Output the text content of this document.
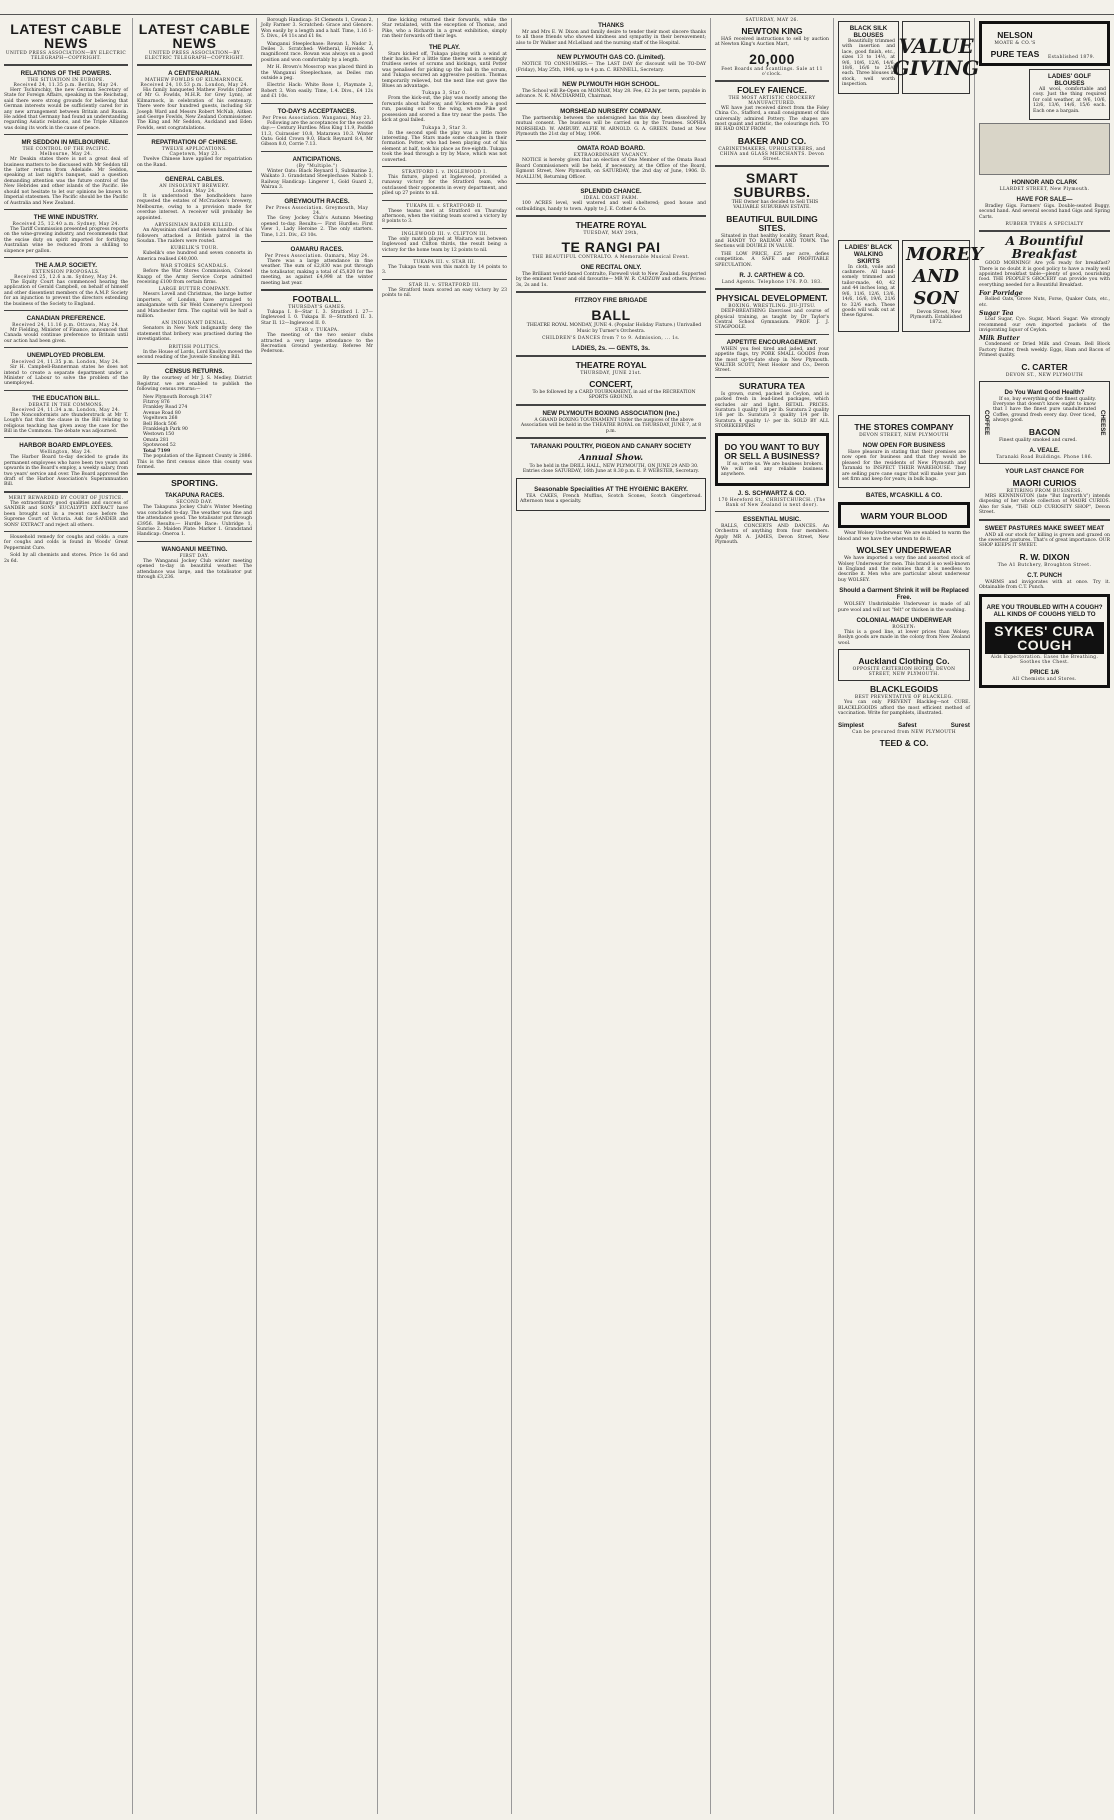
LATEST CABLE NEWS
UNITED PRESS ASSOCIATION—BY ELECTRIC TELEGRAPH—COPYRIGHT.
RELATIONS OF THE POWERS.
THE SITUATION IN EUROPE.
Received 24, 11.35 p.m. Berlin, May 24.

Herr Tschirschky, the new German Secretary of State for Foreign Affairs, speaking in the Reichstag, said there were strong grounds for believing that German interests would be sufficiently cared for in any new arrangement between Britain and Russia. He added that Germany had found an understanding regarding Asiatic relations, and the Triple Alliance was doing its work in the cause of peace.

MR SEDDON IN MELBOURNE.
THE CONTROL OF THE PACIFIC.
Melbourne, May 24.

Mr Deakin states there is not a great deal of business matters to be discussed with Mr Seddon till the latter returns from Adelaide. Mr Seddon, speaking at last night's banquet, said a question demanding attention was the future control of the New Hebrides and other islands of the Pacific. He should not hesitate to let our opinions be known to Imperial statesmen. The Pacific should be the Pacific of Australia and New Zealand.

THE WINE INDUSTRY.
Received 25, 12.40 a.m. Sydney, May 24.

The Tariff Commission presented progress reports on the wine-growing industry, and recommends that the excise duty on spirit imported for fortifying Australian wine be reduced from a shilling to sixpence per gallon.

THE A.M.P. SOCIETY.
EXTENSION PROPOSALS.
Received 25, 12.6 a.m. Sydney, May 24.

The Equity Court has commenced hearing the application of Gerald Campbell, on behalf of himself and other dissentient members of the A.M.P. Society for an injunction to prevent the directors extending the business of the Society to England.

CANADIAN PREFERENCE.
Received 24, 11.16 p.m. Ottawa, May 24.

Mr Fielding, Minister of Finance, announced that Canada would continue preference to Britain until our action had been given.

UNEMPLOYED PROBLEM.
Received 24, 11.35 p.m. London, May 24.

Sir H. Campbell-Bannerman states he does not intend to create a separate department under a Minister of Labour to solve the problem of the unemployed.

THE EDUCATION BILL.
DEBATE IN THE COMMONS.
Received 24, 11.34 a.m. London, May 24.

The Nonconformists are thunderstruck at Mr T. Lough's fiat that the clause in the Bill relating to religious teaching has given away the case for the Bill in the Commons. The debate was adjourned.

HARBOR BOARD EMPLOYEES.
Wellington, May 24.

The Harbor Board to-day decided to grade its permanent employees who have been two years and upwards in the Board's employ, a weekly salary, from two years' service and over. The Board approved the draft of the Harbor Association's Superannuation Bill.

MERIT REWARDED BY COURT OF JUSTICE.

The extraordinary good qualities and success of SANDER and SONS' EUCALYPTI EXTRACT have been brought out in a recent case before the Supreme Court of Victoria. Ask for SANDER and SONS' EXTRACT and reject all others.

Household remedy for coughs and colds: a cure for coughs and colds is found in Woods' Great Peppermint Cure.

Sold by all chemists and stores. Price 1s 6d and 2s 6d.

LATEST CABLE NEWS
UNITED PRESS ASSOCIATION—BY ELECTRIC TELEGRAPH—COPYRIGHT.
A CENTENARIAN.
MATHEW FOWLDS OF KILMARNOCK.
Received 24, 10.53 p.m. London, May 24.

His family banqueted Mathew Fowlds (father of Mr G. Fowlds, M.H.R. for Grey Lynn), at Kilmarnock, in celebration of his centenary. There were four hundred guests, including Sir Joseph Ward and Messrs Robert McNab, Aitken and George Fowlds, New Zealand Commissioner. The King and Mr Seddon, Auckland and Eden Fowlds, sent congratulations.

REPATRIATION OF CHINESE.
TWELVE APPLICATIONS.
Capetown, May 23.

Twelve Chinese have applied for repatriation on the Rand.

GENERAL CABLES.
AN INSOLVENT BREWERY.
London, May 24.

It is understood the bondholders have requested the estates of McCracken's brewery, Melbourne, owing to a provision made for overdue interest. A receiver will probably be appointed.

ABYSSINIAN RAIDER KILLED.

An Abyssinian chief and eleven hundred of his followers attacked a British patrol in the Soudan. The raiders were routed.

KUBELIK'S TOUR.

Kubelik's one hundred and seven concerts in America realised £40,000.

WAR STORES SCANDALS.

Before the War Stores Commission, Colonel Knapp of the Army Service Corps admitted receiving £100 from certain firms.

LARGE BUTTER COMPANY.

Messrs Lovell and Christmas, the large butter importers, of London, have arranged to amalgamate with Sir Weld Comerey's Liverpool and Manchester firm. The capital will be half a million.

AN INDIGNANT DENIAL.

Senators in New York indignantly deny the statement that bribery was practised during the investigations.

BRITISH POLITICS.

In the House of Lords, Lord Knollys moved the second reading of the Juvenile Smoking Bill.

CENSUS RETURNS.

By the courtesy of Mr J. S. Medley, District Registrar, we are enabled to publish the following census returns:—

New Plymouth Borough 3147
Fitzroy 876
Frankley Road 274
Avenue Road 80
Vogeltown 268
Bell Block 506
Frankleigh Park 90
Westown 150
Omata 281
Spotswood 52
Total 7199

The population of the Egmont County is 2886. This is the first census since this county was formed.

SPORTING.
TAKAPUNA RACES.
SECOND DAY.

The Takapuna Jockey Club's Winter Meeting was concluded to-day. The weather was fine and the attendance good. The totalisator put through £3956. Results:— Hurdle Race: Uxbridge 1, Sunrise 2. Maiden Plate: Marker 1. Grandstand Handicap: Oneroa 1.

WANGANUI MEETING.
FIRST DAY.

The Wanganui Jockey Club winter meeting opened to-day in beautiful weather. The attendance was large, and the totalisator put through £3,236.

Borough Handicap: St Clements 1, Cowan 2, Jolly Farmer 3. Scratched: Grace and Glenore. Won easily by a length and a half. Time, 1.16 1-5. Divs., £4 11s and £1 8s.

Wanganui Steeplechase: Rowan 1, Nador 2, Deiles 3. Scratched: Wetheral, Havelok. A magnificent race. Rowan was always on a good position and won comfortably by a length.

Mr H. Brown's Mosscrop was placed third in the Wanganui Steeplechase, as Deiles ran outside a peg.

Electric Hack: White Rose 1, Playmate 2, Robert 3. Won easily. Time, 1.4. Divs., £4 12s and £1 10s.

TO-DAY'S ACCEPTANCES.
Per Press Association. Wanganui, May 23.

Following are the acceptances for the second day:— Century Hurdles: Miss King 11.9, Paddle 11.3, Cuirassier 10.8, Matarawa 10.3. Winter Oats: Gold Crown 9.0, Black Reynard 8.4, Mr Gibson 8.0, Corrie 7.13.

ANTICIPATIONS.
(By "Multiple.")

Winter Oats: Black Reynard 1, Submarine 2, Waikato 3. Grandstand Steeplechase: Nabob 1. Railway Handicap: Lingerer 1, Gold Guard 2, Wairau 3.

GREYMOUTH RACES.
Per Press Association. Greymouth, May 24.

The Grey Jockey Club's Autumn Meeting opened to-day. Results:— First Hurdles: First View 1, Lady Heroine 2. The only starters. Time, 1.21. Div., £3 10s.

OAMARU RACES.
Per Press Association. Oamaru, May 24.

There was a large attendance in fine weather. The sum of £2,830 was put through the totalisator, making a total of £5,820 for the meeting, as against £4,998 at the winter meeting last year.

FOOTBALL.
THURSDAY'S GAMES.

Tukapa I. 8—Star I. 3. Stratford I. 27—Inglewood I. 0. Tukapa II. 8—Stratford II. 3. Star II. 12—Inglewood II. 0.

STAR v. TUKAPA.

The meeting of the two senior clubs attracted a very large attendance to the Recreation Ground yesterday. Referee Mr Pederson.

fine kicking returned their forwards, while the Star retaliated, with the exception of Thomas, and Pike, who a Richards in a great exhibition, simply ran their forwards off their legs.

THE PLAY.

Stars kicked off, Tukapa playing with a wind at their backs. For a little time there was a seemingly fruitless series of scrums and kickings, until Potter was penalised for picking up the ball in the scrum, and Tukapa secured an aggressive position. Thomas temporarily relieved, but the next line out gave the Blues an advantage.

Tukapa 3, Star 0.

From the kick-out, the play was mostly among the forwards about half-way, and Vickers made a good run, passing out to the wing, where Pike got possession and scored a fine try near the posts. The kick at goal failed.

Tukapa 3, Star 3.

In the second spell the play was a little more interesting. The Stars made some changes in their formation. Potter, who had been playing out of his element at half, took his place as five-eighth. Tukapa took the lead through a try by Mace, which was not converted.

STRATFORD I. v. INGLEWOOD I.

This fixture, played at Inglewood, provided a runaway victory for the Stratford team, who outclassed their opponents in every department, and piled up 27 points to nil.

TUKAPA II. v. STRATFORD II.

These teams met at Stratford on Thursday afternoon, when the visiting team scored a victory by 8 points to 3.

INGLEWOOD III. v. CLIFTON III.

The only match played at Waitara was between Inglewood and Clifton thirds, the result being a victory for the home team by 12 points to nil.

TUKAPA III. v. STAR III.

The Tukapa team won this match by 14 points to 3.

STAR II. v. STRATFORD III.

The Stratford team scored an easy victory by 23 points to nil.

THANKS

Mr and Mrs E. W. Dixon and family desire to tender their most sincere thanks to all those friends who showed kindness and sympathy in their bereavement; also to Dr Walker and McLelland and the nursing staff of the Hospital.

NEW PLYMOUTH GAS CO. (Limited).

NOTICE TO CONSUMERS.— The LAST DAY for discount will be TO-DAY (Friday), May 25th, 1906, up to 4 p.m. C. RENNELL, Secretary.

NEW PLYMOUTH HIGH SCHOOL.

The School will Re-Open on MONDAY, May 28. Fee, £2 2s per term, payable in advance. N. K. MACDIARMID, Chairman.

MORSHEAD NURSERY COMPANY.

The partnership between the undersigned has this day been dissolved by mutual consent. The business will be carried on by the Trustees. SOPHIA MORSHEAD. W. AMBURY. ALFIE W. ARNOLD. G. A. GREEN. Dated at New Plymouth the 21st day of May, 1906.

OMATA ROAD BOARD.
EXTRAORDINARY VACANCY.

NOTICE is hereby given that an election of One Member of the Omata Road Board Commissioners will be held, if necessary, at the Office of the Board, Egmont Street, New Plymouth, on SATURDAY, the 2nd day of June, 1906. D. McALLUM, Returning Officer.

SPLENDID CHANCE.
IDEAL COAST FARM.

100 ACRES level, well watered and well sheltered; good house and outbuildings, handy to town. Apply to J. E. Cother & Co.

THEATRE ROYAL
TUESDAY, MAY 29th,
TE RANGI PAI
THE BEAUTIFUL CONTRALTO. A Memorable Musical Event.
ONE RECITAL ONLY.

The Brilliant world-famed Contralto, Farewell visit to New Zealand. Supported by the eminent Tenor and old favourite— MR W. R. CADZOW and others. Prices: 3s, 2s and 1s.

FITZROY FIRE BRIGADE
BALL

THEATRE ROYAL MONDAY, JUNE 4. (Popular Holiday Fixture.) Unrivalled Music by Turner's Orchestra.

CHILDREN'S DANCES from 7 to 9. Admission, ... 1s.
LADIES, 2s. — GENTS, 3s.
THEATRE ROYAL
THURSDAY, JUNE 21st.
CONCERT,

To be followed by a CARD TOURNAMENT, in aid of the RECREATION SPORTS GROUND.

NEW PLYMOUTH BOXING ASSOCIATION (Inc.)

A GRAND BOXING TOURNAMENT Under the auspices of the above Association will be held in the THEATRE ROYAL on THURSDAY, JUNE 7, at 8 p.m.

TARANAKI POULTRY, PIGEON AND CANARY SOCIETY
Annual Show.

To be held in the DRILL HALL, NEW PLYMOUTH, ON JUNE 29 AND 30. Entries close SATURDAY, 16th June at 8.30 p.m. E. P. WEBSTER, Secretary.

Seasonable Specialities AT THE HYGIENIC BAKERY.

TEA CAKES, French Muffins, Scotch Scones, Scotch Gingerbread. Afternoon teas a specialty.

SATURDAY, MAY 26.
NEWTON KING

HAS received instructions to sell by auction at Newton King's Auction Mart,

20,000
Feet Boards and Scantlings. Sale at 11 o'clock.
FOLEY FAIENCE.
THE MOST ARTISTIC CROCKERY MANUFACTURED.

WE have just received direct from the Foley China Co., Stafford, a small consignment of this universally admired Pottery. The shapes are most quaint and artistic, the colourings rich. TO BE HAD ONLY FROM

BAKER AND CO.
CABINETMAKERS, UPHOLSTERERS, and CHINA and GLASS MERCHANTS. Devon Street.
SMART SUBURBS.

THE Owner has decided to Sell THIS VALUABLE SUBURBAN ESTATE.

BEAUTIFUL BUILDING SITES.

Situated in that healthy locality, Smart Road, and HANDY TO RAILWAY AND TOWN. The Sections will DOUBLE IN VALUE.

THE LOW PRICE, £25 per acre, defies competition. A SAFE and PROFITABLE SPECULATION.

R. J. CARTHEW & CO.
Land Agents. Telephone 176. P.O. 183.
PHYSICAL DEVELOPMENT.
BOXING. WRESTLING. JIU-JITSU.

DEEP-BREATHING Exercises and course of physical training, as taught by Dr Taylor's Central School Gymnasium. PROF. J. J. STAGPOOLE.

APPETITE ENCOURAGEMENT.

WHEN you feel tired and jaded, and your appetite flags, try PORK SMALL GOODS from the most up-to-date shop in New Plymouth. WALTER SCOTT, Next Hooker and Co., Devon Street.

SURATURA TEA

Is grown, cured, packed in Ceylon, and is packed fresh in lead-lined packages, which excludes air and light. RETAIL PRICES. Suratura 1 quality 1/8 per lb. Suratura 2 quality 1/6 per lb. Suratura 3 quality 1/4 per lb. Suratura 4 quality 1/- per lb. SOLD BY ALL STOREKEEPERS

DO YOU WANT TO BUY OR SELL A BUSINESS?

If so, write us. We are business brokers. We will sell any reliable business anywhere.

J. S. SCHWARTZ & CO.
170 Hereford St., CHRISTCHURCH. (The Bank of New Zealand is next door).
ESSENTIAL MUSIC.

BALLS, CONCERTS AND DANCES. An Orchestra of anything from four members. Apply MR A. JAMES, Devon Street, New Plymouth.

BLACK SILK BLOUSES

Beautifully trimmed with insertion and lace, good finish, etc., sizes 13 to 14½, at 9/6, 10/6, 12/6, 14/6, 18/6, 16/6 to 25/6 each. Three blouses in stock, well worth inspection.

VALUE GIVING
LADIES' BLACK WALKING SKIRTS

In cloth, voile and cashmere. All hand-somely trimmed and tailor-made, 40, 42 and 44 inches long, at 9/6, 11/6, 12/6, 13/6, 14/6, 16/6, 19/6, 21/6 to 32/6 each. These goods will walk out at these figures.

MOREY AND SON

Devon Street, New Plymouth. Established 1872.

THE STORES COMPANY
DEVON STREET, NEW PLYMOUTH
NOW OPEN FOR BUSINESS

Have pleasure in stating that their premises are now open for business and that they would be pleased for the residents of New Plymouth and Taranaki to INSPECT THEIR WAREHOUSE. They are selling pure cane sugar that will make your jam set firm and keep for years; in bulk bags.

BATES, M'CASKILL & CO.
WARM YOUR BLOOD

Wear Wolsey Underwear. We are enabled to warm the blood and we have the whereon to do it.

WOLSEY UNDERWEAR

We have imported a very fine and assorted stock of Wolsey Underwear for men. This brand is so well-known in England and the colonies that it is needless to describe it. Men who are particular about underwear buy WOLSEY.

Should a Garment Shrink it will be Replaced Free.

WOLSEY Unshrinkable Underwear is made of all pure wool and will not "felt" or thicken in the washing.

COLONIAL-MADE UNDERWEAR
ROSLYN:

This is a good line, at lower prices than Wolsey. Roslyn goods are made in the colony from New Zealand wool.

Auckland Clothing Co.
OPPOSITE CRITERION HOTEL, DEVON STREET, NEW PLYMOUTH.
BLACKLEGOIDS
BEST PREVENTATIVE OF BLACKLEG.

You can only PREVENT Blackleg—not CURE. BLACKLEGOIDS afford the most efficient method of vaccination. Write for pamphlets, illustrated.

Simplest	Safest	Surest
Can be procured from NEW PLYMOUTH
TEED & CO.
NELSON
MOATE & CO.'S
PURE TEAS	Established 1879.
LADIES' GOLF BLOUSES

All wool, comfortable and cosy. Just the thing required for cold weather, at 9/6, 10/6, 12/6, 13/6, 14/6, 15/6 each. Each one a bargain.

HONNOR AND CLARK
LLARDET STREET, New Plymouth.
HAVE FOR SALE—

Bradley Gigs. Farmers' Gigs. Double-seated Buggy, second hand. And several second hand Gigs and Spring Carts.

RUBBER TYRES A SPECIALTY
A Bountiful Breakfast

GOOD MORNING! Are you ready for breakfast? There is no doubt it is good policy to have a really well appointed breakfast table—plenty of good, nourishing food. THE PEOPLE'S GROCERY can provide you with everything needed for a Bountiful Breakfast.

For Porridge

Rolled Oats, Grove Nuts, Forse, Quaker Oats, etc., etc.

Sugar Tea

Loaf Sugar, Cyo. Sugar, Maori Sugar. We strongly recommend our own imported packets of the invigorating liquor of Ceylon.

Milk Butter

Condensed or Dried Milk and Cream. Bell Block Factory Butter, fresh weekly. Eggs, Ham and Bacon of Primest quality.

C. CARTER
DEVON ST., NEW PLYMOUTH
COFFEE
Do You Want Good Health?

If so, buy everything of the finest quality. Everyone that doesn't know ought to know that I have the finest pure unadulterated Coffee, ground fresh every day. Over ticed, always good.

BACON

Finest quality smoked and cured.

A. VEALE.
Taranaki Road Buildings. Phone 186.
CHEESE
YOUR LAST CHANCE FOR
MAORI CURIOS
RETIRING FROM BUSINESS.

MRS KENNINGTON (late "But Ingrorth's") intends disposing of her whole collection of MAORI CURIOS. Also for Sale, "THE OLD CURIOSITY SHOP", Devon Street.

SWEET PASTURES MAKE SWEET MEAT

AND all our stock for killing is grown and grazed on the sweetest pastures. That's of great importance. OUR SHOP KEEPS IT SWEET.

R. W. DIXON
The A1 Butchery, Broughton Street.
C.T. PUNCH

WARMS and invigorates with at once. Try it. Obtainable from C.T. Punch.

ARE YOU TROUBLED WITH A COUGH? ALL KINDS OF COUGHS YIELD TO
SYKES' CURA COUGH
Aids Expectoration. Eases the Breathing. Soothes the Chest.
PRICE 1/6
All Chemists and Stores.
